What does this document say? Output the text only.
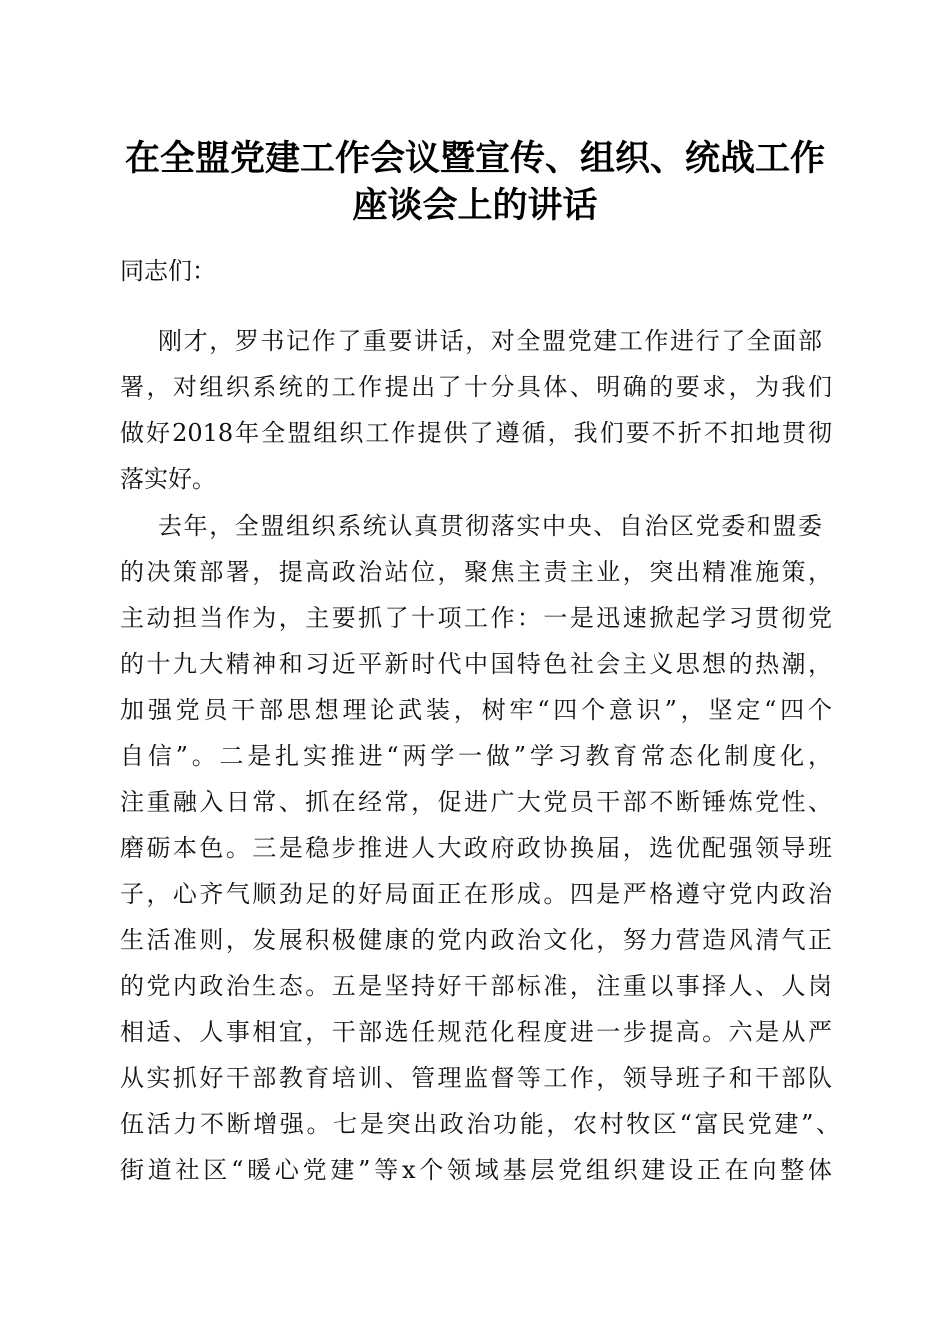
在全盟党建工作会议暨宣传、组织、统战工作
座谈会上的讲话
同志们：
刚才，罗书记作了重要讲话，对全盟党建工作进行了全面部
署，对组织系统的工作提出了十分具体、明确的要求，为我们
做好2018年全盟组织工作提供了遵循，我们要不折不扣地贯彻
落实好。
去年，全盟组织系统认真贯彻落实中央、自治区党委和盟委
的决策部署，提高政治站位，聚焦主责主业，突出精准施策，
主动担当作为，主要抓了十项工作：一是迅速掀起学习贯彻党
的十九大精神和习近平新时代中国特色社会主义思想的热潮，
加强党员干部思想理论武装，树牢“四个意识”，坚定“四个
自信”。二是扎实推进“两学一做”学习教育常态化制度化，
注重融入日常、抓在经常，促进广大党员干部不断锤炼党性、
磨砺本色。三是稳步推进人大政府政协换届，选优配强领导班
子，心齐气顺劲足的好局面正在形成。四是严格遵守党内政治
生活准则，发展积极健康的党内政治文化，努力营造风清气正
的党内政治生态。五是坚持好干部标准，注重以事择人、人岗
相适、人事相宜，干部选任规范化程度进一步提高。六是从严
从实抓好干部教育培训、管理监督等工作，领导班子和干部队
伍活力不断增强。七是突出政治功能，农村牧区“富民党建”、
街道社区“暖心党建”等x个领域基层党组织建设正在向整体
